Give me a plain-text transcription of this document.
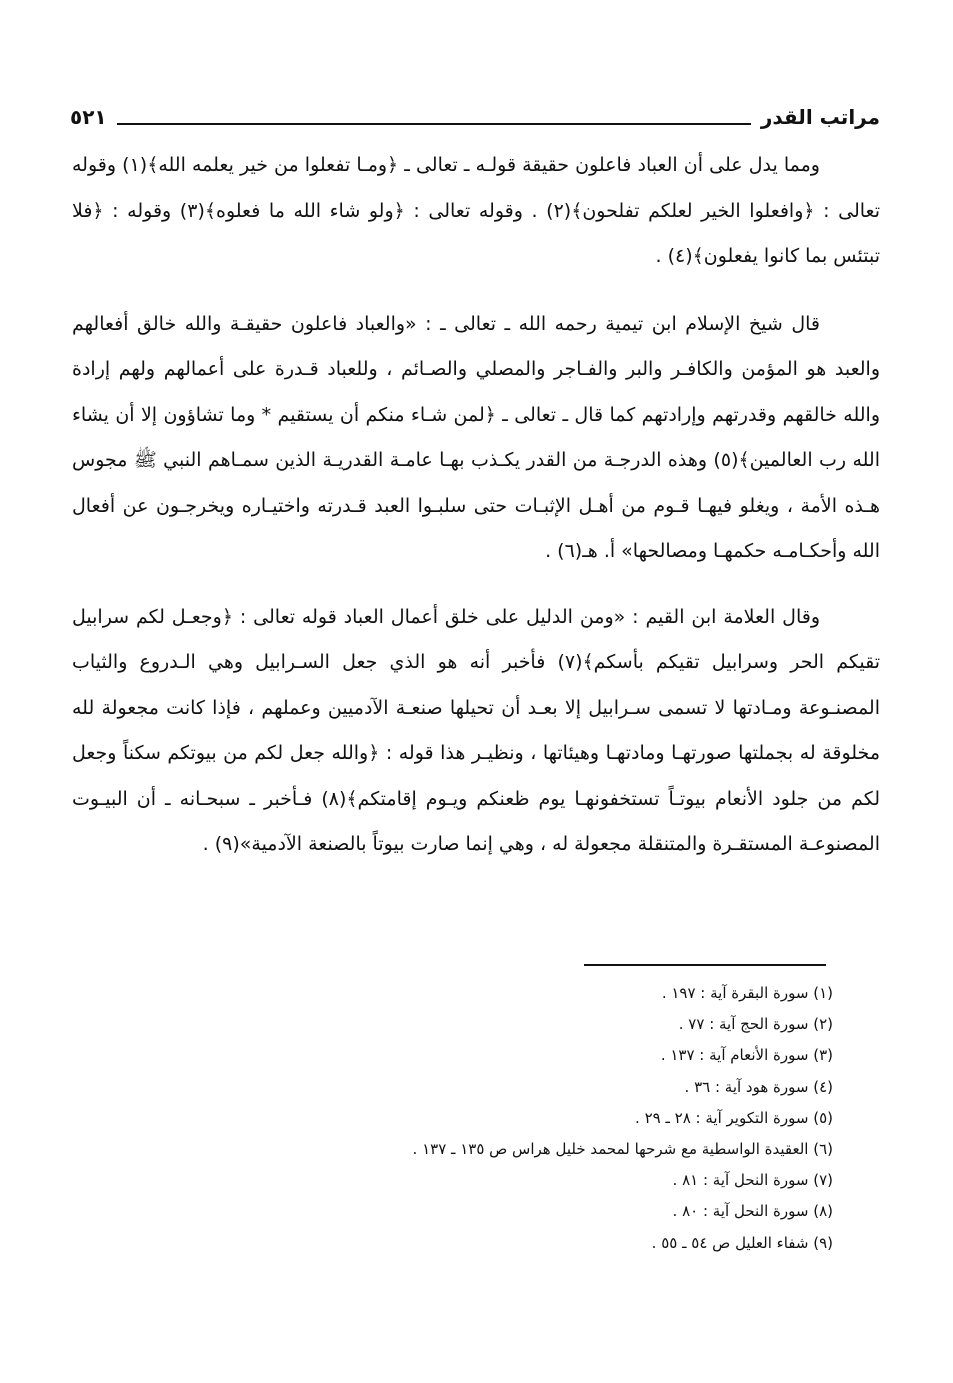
مراتب القدر
٥٢١

ومما يدل على أن العباد فاعلون حقيقة قولـه ـ تعالى ـ ﴿ومـا تفعلوا من خير يعلمه الله﴾(١) وقوله تعالى : ﴿وافعلوا الخير لعلكم تفلحون﴾(٢) . وقوله تعالى : ﴿ولو شاء الله ما فعلوه﴾(٣) وقوله : ﴿فلا تبتئس بما كانوا يفعلون﴾(٤) .

قال شيخ الإسلام ابن تيمية رحمه الله ـ تعالى ـ : «والعباد فاعلون حقيقـة والله خالق أفعالهم والعبد هو المؤمن والكافـر والبر والفـاجر والمصلي والصـائم ، وللعباد قـدرة على أعمالهم ولهم إرادة والله خالقهم وقدرتهم وإرادتهم كما قال ـ تعالى ـ ﴿لمن شـاء منكم أن يستقيم * وما تشاؤون إلا أن يشاء الله رب العالمين﴾(٥) وهذه الدرجـة من القدر يكـذب بهـا عامـة القدريـة الذين سمـاهم النبي ﷺ مجوس هـذه الأمة ، ويغلو فيهـا قـوم من أهـل الإثبـات حتى سلبـوا العبد قـدرته واختيـاره ويخرجـون عن أفعال الله وأحكـامـه حكمهـا ومصالحها» أ. هـ(٦) .

وقال العلامة ابن القيم : «ومن الدليل على خلق أعمال العباد قوله تعالى : ﴿وجعـل لكم سرابيل تقيكم الحر وسرابيل تقيكم بأسكم﴾(٧) فأخبر أنه هو الذي جعل السـرابيل وهي الـدروع والثياب المصنـوعة ومـادتها لا تسمى سـرابيل إلا بعـد أن تحيلها صنعـة الآدميين وعملهم ، فإذا كانت مجعولة لله مخلوقة له بجملتها صورتهـا ومادتهـا وهيئاتها ، ونظيـر هذا قوله : ﴿والله جعل لكم من بيوتكم سكناً وجعل لكم من جلود الأنعام بيوتـاً تستخفونهـا يوم ظعنكم ويـوم إقامتكم﴾(٨) فـأخبر ـ سبحـانه ـ أن البيـوت المصنوعـة المستقـرة والمتنقلة مجعولة له ، وهي إنما صارت بيوتاً بالصنعة الآدمية»(٩) .

(١) سورة البقرة آية : ١٩٧ .
(٢) سورة الحج آية : ٧٧ .
(٣) سورة الأنعام آية : ١٣٧ .
(٤) سورة هود آية : ٣٦ .
(٥) سورة التكوير آية : ٢٨ ـ ٢٩ .
(٦) العقيدة الواسطية مع شرحها لمحمد خليل هراس ص ١٣٥ ـ ١٣٧ .
(٧) سورة النحل آية : ٨١ .
(٨) سورة النحل آية : ٨٠ .
(٩) شفاء العليل ص ٥٤ ـ ٥٥ .
